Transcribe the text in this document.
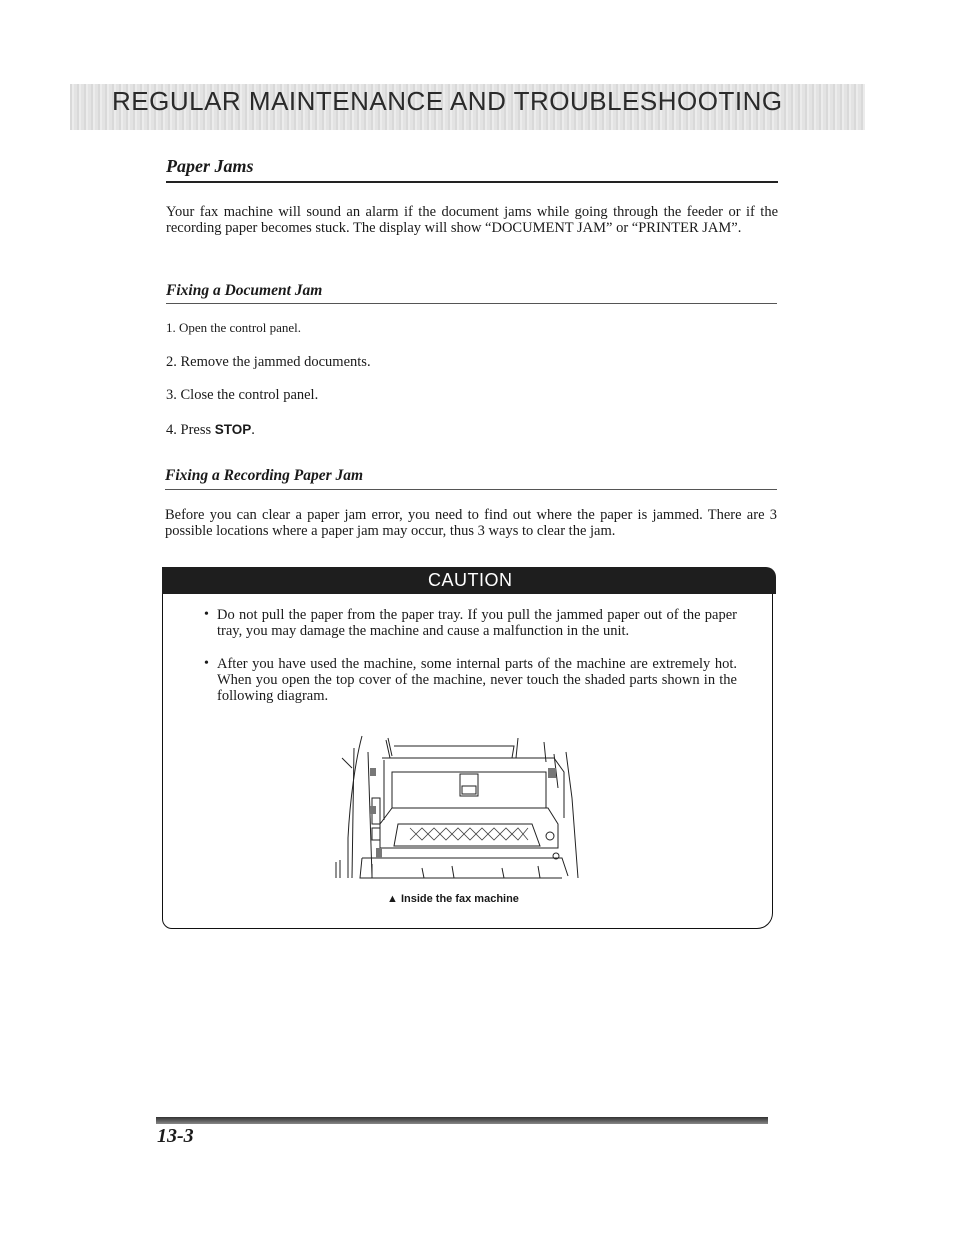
REGULAR MAINTENANCE AND TROUBLESHOOTING
Paper Jams
Your fax machine will sound an alarm if the document jams while going through the feeder or if the recording paper becomes stuck. The display will show “DOCUMENT JAM” or “PRINTER JAM”.
Fixing a Document Jam
1. Open the control panel.
2. Remove the jammed documents.
3. Close the control panel.
4. Press STOP.
Fixing a Recording Paper Jam
Before you can clear a paper jam error, you need to find out where the paper is jammed. There are 3 possible locations where a paper jam may occur, thus 3 ways to clear the jam.
CAUTION
• Do not pull the paper from the paper tray. If you pull the jammed paper out of the paper tray, you may damage the machine and cause a malfunction in the unit.
• After you have used the machine, some internal parts of the machine are extremely hot. When you open the top cover of the machine, never touch the shaded parts shown in the following diagram.
▲ Inside the fax machine
13-3
